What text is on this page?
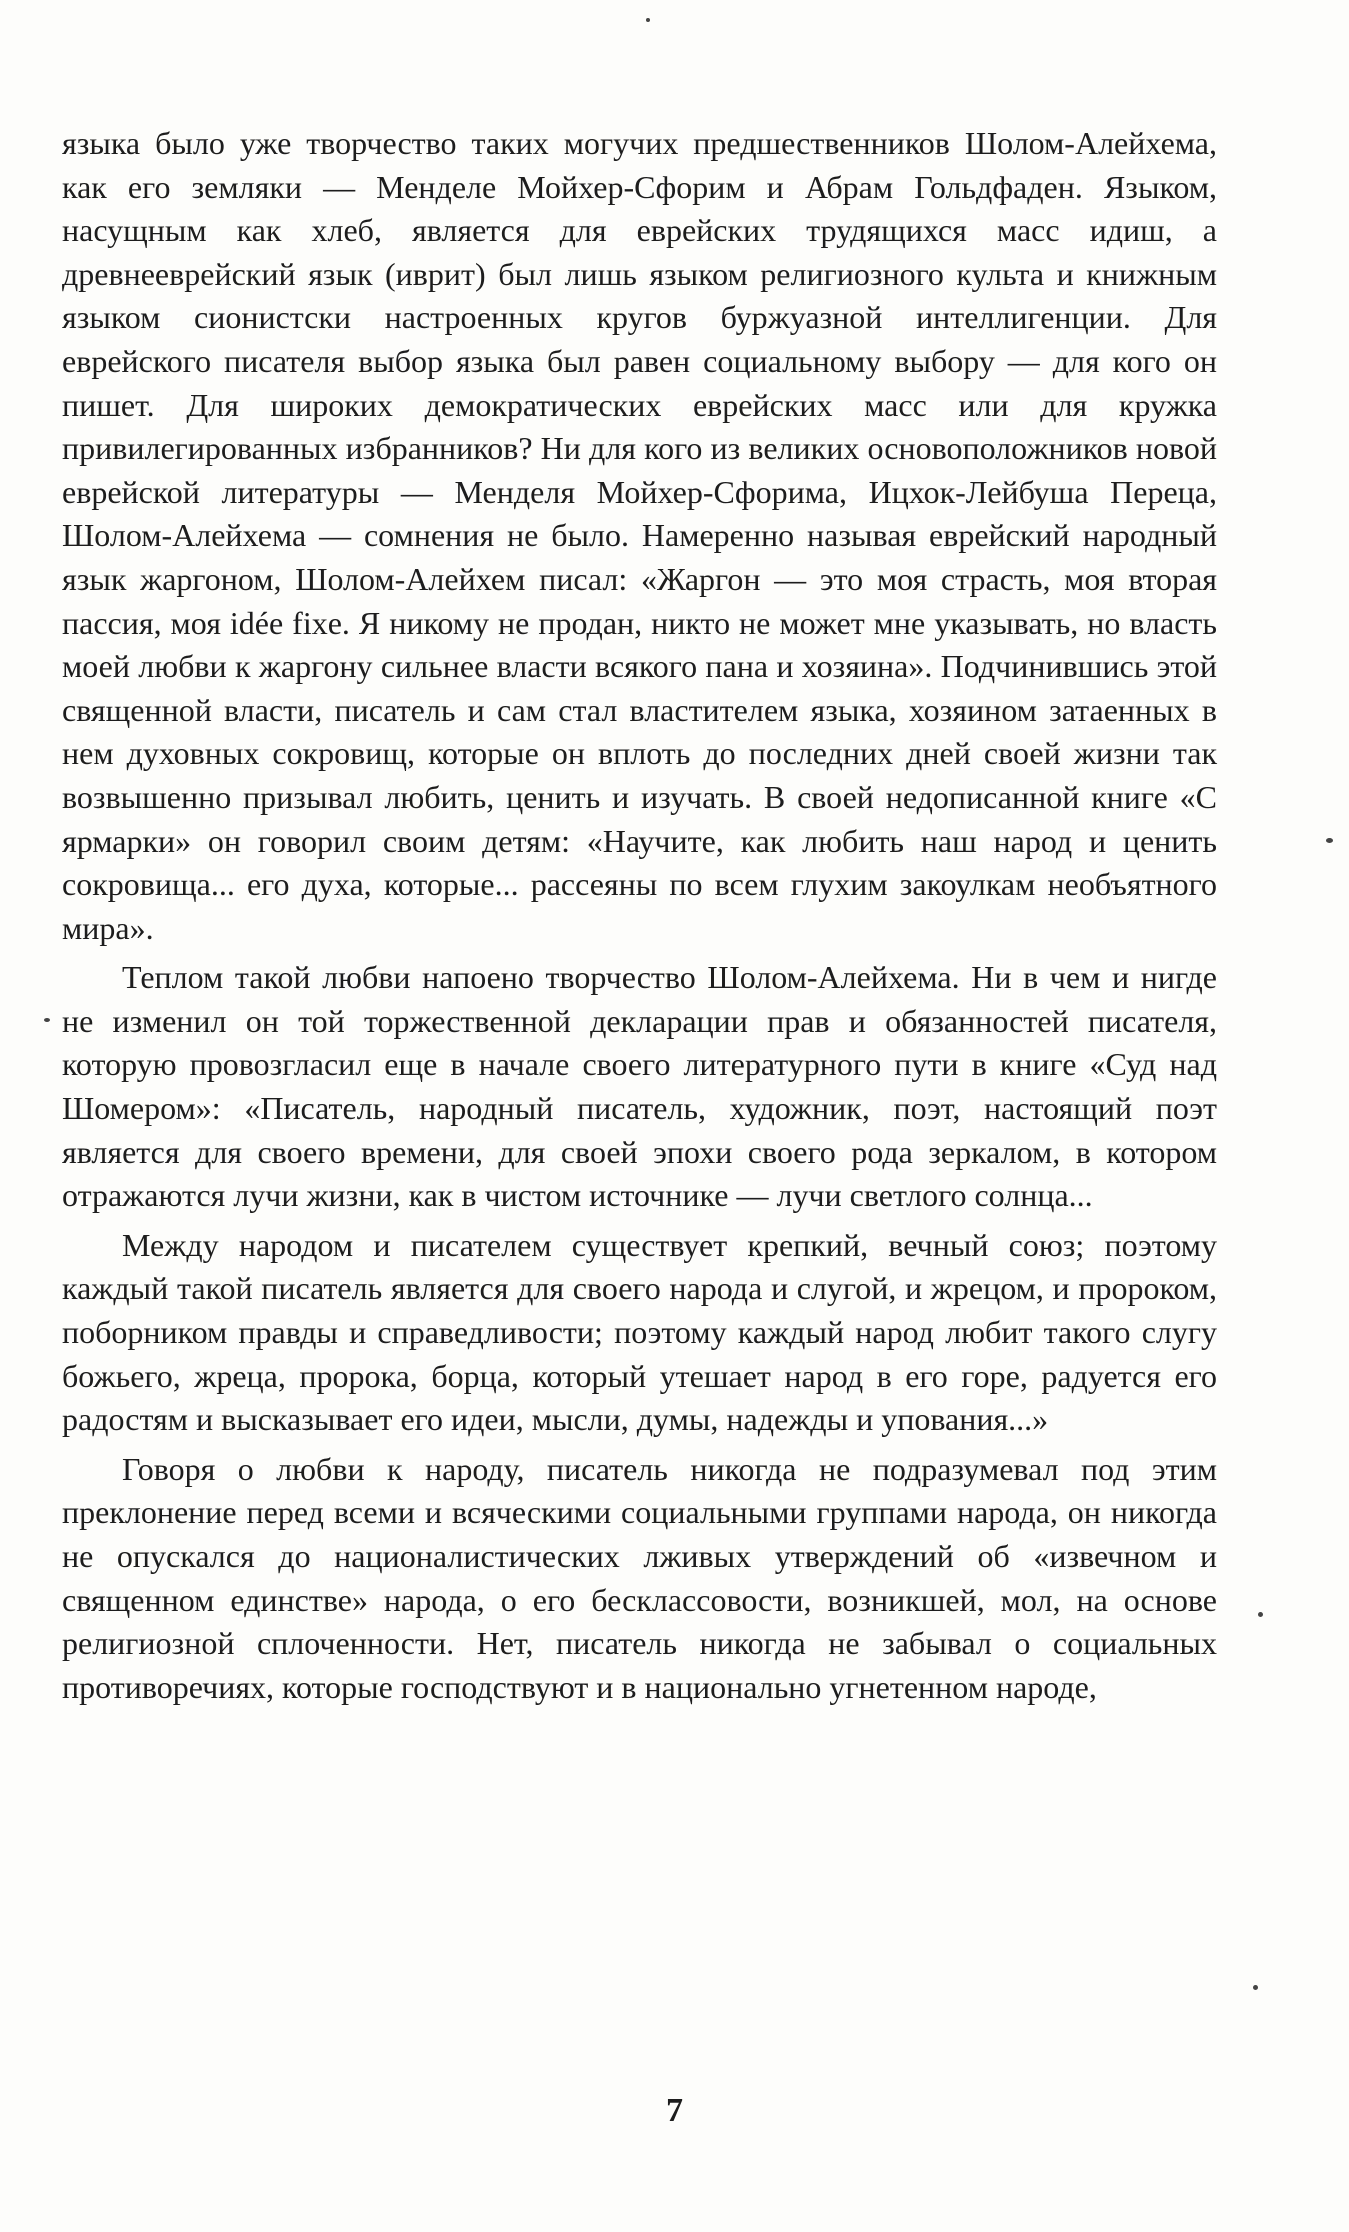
языка было уже творчество таких могучих предшественников Шолом-Алейхема, как его земляки — Менделе Мойхер-Сфорим и Абрам Гольдфаден. Языком, насущным как хлеб, является для еврейских трудящихся масс идиш, а древнееврейский язык (иврит) был лишь языком религиозного культа и книжным языком сионистски настроенных кругов буржуазной интеллигенции. Для еврейского писателя выбор языка был равен социальному выбору — для кого он пишет. Для широких демократических еврейских масс или для кружка привилегированных избранников? Ни для кого из великих основоположников новой еврейской литературы — Менделя Мойхер-Сфорима, Ицхок-Лейбуша Переца, Шолом-Алейхема — сомнения не было. Намеренно называя еврейский народный язык жаргоном, Шолом-Алейхем писал: «Жаргон — это моя страсть, моя вторая пассия, моя idée fixe. Я никому не продан, никто не может мне указывать, но власть моей любви к жаргону сильнее власти всякого пана и хозяина». Подчинившись этой священной власти, писатель и сам стал властителем языка, хозяином затаенных в нем духовных сокровищ, которые он вплоть до последних дней своей жизни так возвышенно призывал любить, ценить и изучать. В своей недописанной книге «С ярмарки» он говорил своим детям: «Научите, как любить наш народ и ценить сокровища... его духа, которые... рассеяны по всем глухим закоулкам необъятного мира».

Теплом такой любви напоено творчество Шолом-Алейхема. Ни в чем и нигде не изменил он той торжественной декларации прав и обязанностей писателя, которую провозгласил еще в начале своего литературного пути в книге «Суд над Шомером»: «Писатель, народный писатель, художник, поэт, настоящий поэт является для своего времени, для своей эпохи своего рода зеркалом, в котором отражаются лучи жизни, как в чистом источнике — лучи светлого солнца...

Между народом и писателем существует крепкий, вечный союз; поэтому каждый такой писатель является для своего народа и слугой, и жрецом, и пророком, поборником правды и справедливости; поэтому каждый народ любит такого слугу божьего, жреца, пророка, борца, который утешает народ в его горе, радуется его радостям и высказывает его идеи, мысли, думы, надежды и упования...»

Говоря о любви к народу, писатель никогда не подразумевал под этим преклонение перед всеми и всяческими социальными группами народа, он никогда не опускался до националистических лживых утверждений об «извечном и священном единстве» народа, о его бесклассовости, возникшей, мол, на основе религиозной сплоченности. Нет, писатель никогда не забывал о социальных противоречиях, которые господствуют и в национально угнетенном народе,

7
